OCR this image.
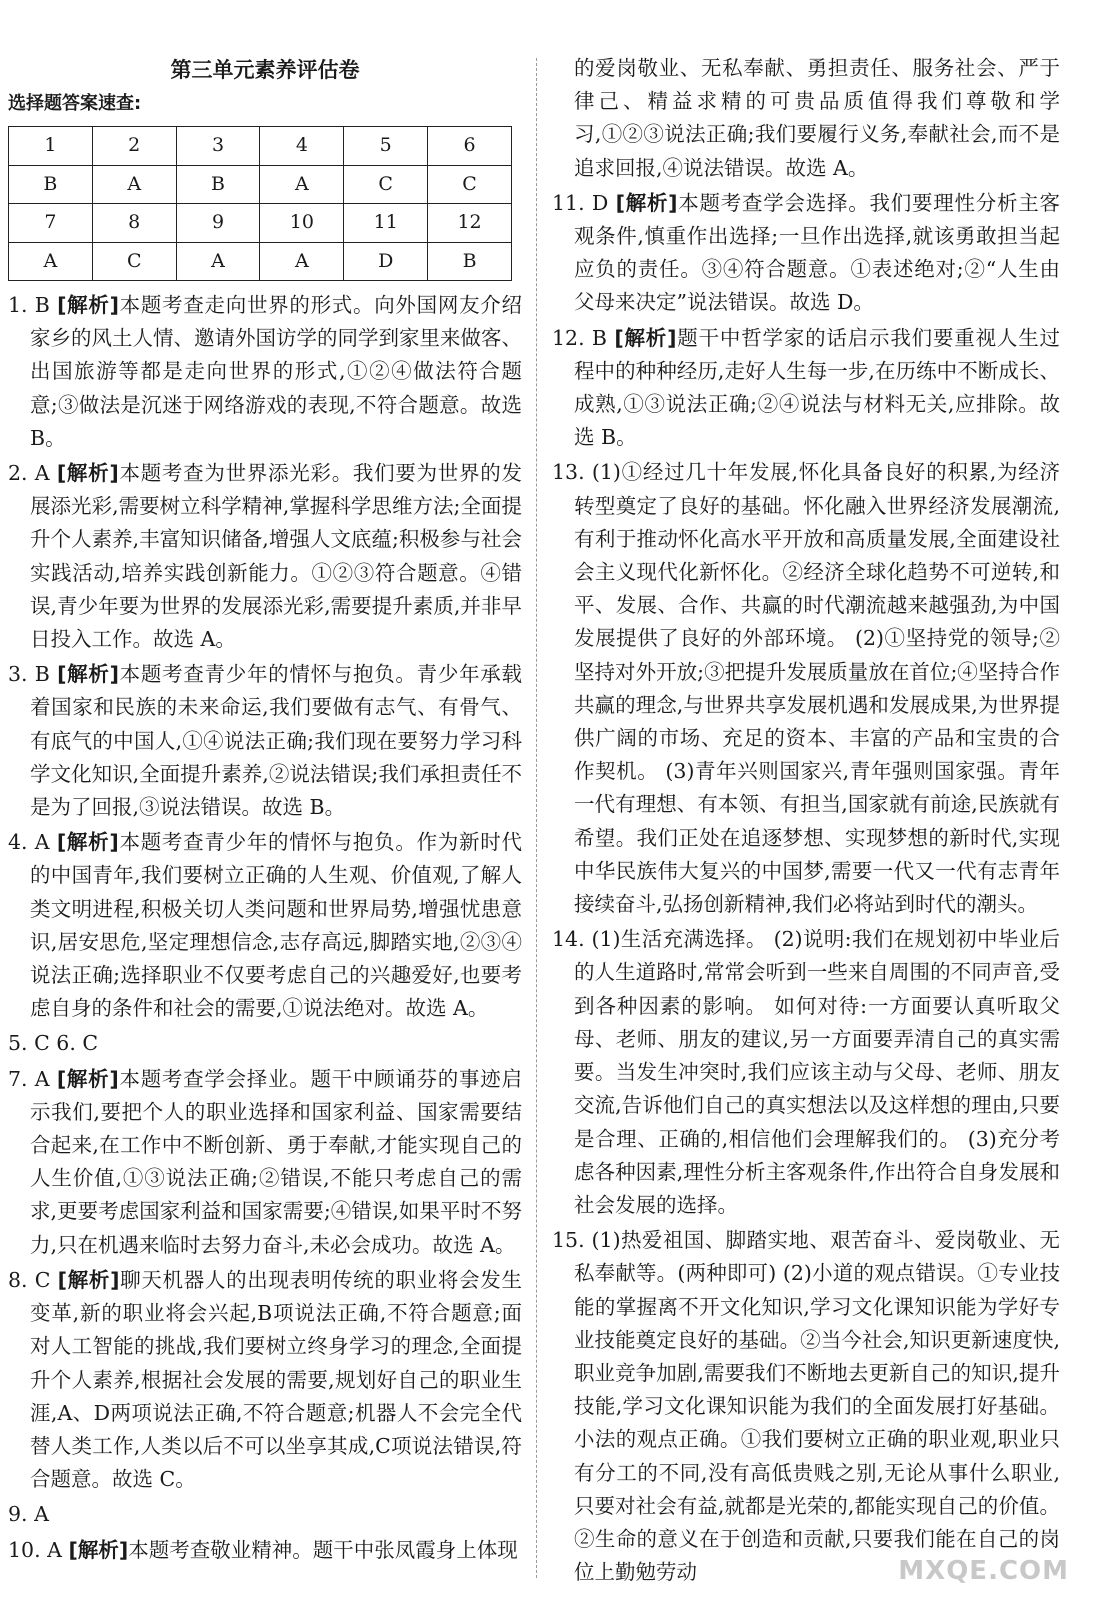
第三单元素养评估卷
选择题答案速查:
1	2	3	4	5	6
B	A	B	A	C	C
7	8	9	10	11	12
A	C	A	A	D	B
1. B [解析]本题考查走向世界的形式。向外国网友介绍家乡的风土人情、邀请外国访学的同学到家里来做客、出国旅游等都是走向世界的形式,①②④做法符合题意;③做法是沉迷于网络游戏的表现,不符合题意。故选 B。
2. A [解析]本题考查为世界添光彩。我们要为世界的发展添光彩,需要树立科学精神,掌握科学思维方法;全面提升个人素养,丰富知识储备,增强人文底蕴;积极参与社会实践活动,培养实践创新能力。①②③符合题意。④错误,青少年要为世界的发展添光彩,需要提升素质,并非早日投入工作。故选 A。
3. B [解析]本题考查青少年的情怀与抱负。青少年承载着国家和民族的未来命运,我们要做有志气、有骨气、有底气的中国人,①④说法正确;我们现在要努力学习科学文化知识,全面提升素养,②说法错误;我们承担责任不是为了回报,③说法错误。故选 B。
4. A [解析]本题考查青少年的情怀与抱负。作为新时代的中国青年,我们要树立正确的人生观、价值观,了解人类文明进程,积极关切人类问题和世界局势,增强忧患意识,居安思危,坚定理想信念,志存高远,脚踏实地,②③④说法正确;选择职业不仅要考虑自己的兴趣爱好,也要考虑自身的条件和社会的需要,①说法绝对。故选 A。
5. C 6. C
7. A [解析]本题考查学会择业。题干中顾诵芬的事迹启示我们,要把个人的职业选择和国家利益、国家需要结合起来,在工作中不断创新、勇于奉献,才能实现自己的人生价值,①③说法正确;②错误,不能只考虑自己的需求,更要考虑国家利益和国家需要;④错误,如果平时不努力,只在机遇来临时去努力奋斗,未必会成功。故选 A。
8. C [解析]聊天机器人的出现表明传统的职业将会发生变革,新的职业将会兴起,B项说法正确,不符合题意;面对人工智能的挑战,我们要树立终身学习的理念,全面提升个人素养,根据社会发展的需要,规划好自己的职业生涯,A、D两项说法正确,不符合题意;机器人不会完全代替人类工作,人类以后不可以坐享其成,C项说法错误,符合题意。故选 C。
9. A
10. A [解析]本题考查敬业精神。题干中张凤霞身上体现
的爱岗敬业、无私奉献、勇担责任、服务社会、严于律己、精益求精的可贵品质值得我们尊敬和学习,①②③说法正确;我们要履行义务,奉献社会,而不是追求回报,④说法错误。故选 A。
11. D [解析]本题考查学会选择。我们要理性分析主客观条件,慎重作出选择;一旦作出选择,就该勇敢担当起应负的责任。③④符合题意。①表述绝对;②“人生由父母来决定”说法错误。故选 D。
12. B [解析]题干中哲学家的话启示我们要重视人生过程中的种种经历,走好人生每一步,在历练中不断成长、成熟,①③说法正确;②④说法与材料无关,应排除。故选 B。
13. (1)①经过几十年发展,怀化具备良好的积累,为经济转型奠定了良好的基础。怀化融入世界经济发展潮流,有利于推动怀化高水平开放和高质量发展,全面建设社会主义现代化新怀化。②经济全球化趋势不可逆转,和平、发展、合作、共赢的时代潮流越来越强劲,为中国发展提供了良好的外部环境。 (2)①坚持党的领导;②坚持对外开放;③把提升发展质量放在首位;④坚持合作共赢的理念,与世界共享发展机遇和发展成果,为世界提供广阔的市场、充足的资本、丰富的产品和宝贵的合作契机。 (3)青年兴则国家兴,青年强则国家强。青年一代有理想、有本领、有担当,国家就有前途,民族就有希望。我们正处在追逐梦想、实现梦想的新时代,实现中华民族伟大复兴的中国梦,需要一代又一代有志青年接续奋斗,弘扬创新精神,我们必将站到时代的潮头。
14. (1)生活充满选择。 (2)说明:我们在规划初中毕业后的人生道路时,常常会听到一些来自周围的不同声音,受到各种因素的影响。 如何对待:一方面要认真听取父母、老师、朋友的建议,另一方面要弄清自己的真实需要。当发生冲突时,我们应该主动与父母、老师、朋友交流,告诉他们自己的真实想法以及这样想的理由,只要是合理、正确的,相信他们会理解我们的。 (3)充分考虑各种因素,理性分析主客观条件,作出符合自身发展和社会发展的选择。
15. (1)热爱祖国、脚踏实地、艰苦奋斗、爱岗敬业、无私奉献等。(两种即可) (2)小道的观点错误。①专业技能的掌握离不开文化知识,学习文化课知识能为学好专业技能奠定良好的基础。②当今社会,知识更新速度快,职业竞争加剧,需要我们不断地去更新自己的知识,提升技能,学习文化课知识能为我们的全面发展打好基础。 小法的观点正确。①我们要树立正确的职业观,职业只有分工的不同,没有高低贵贱之别,无论从事什么职业,只要对社会有益,就都是光荣的,都能实现自己的价值。②生命的意义在于创造和贡献,只要我们能在自己的岗位上勤勉劳动	MXQE.COM
